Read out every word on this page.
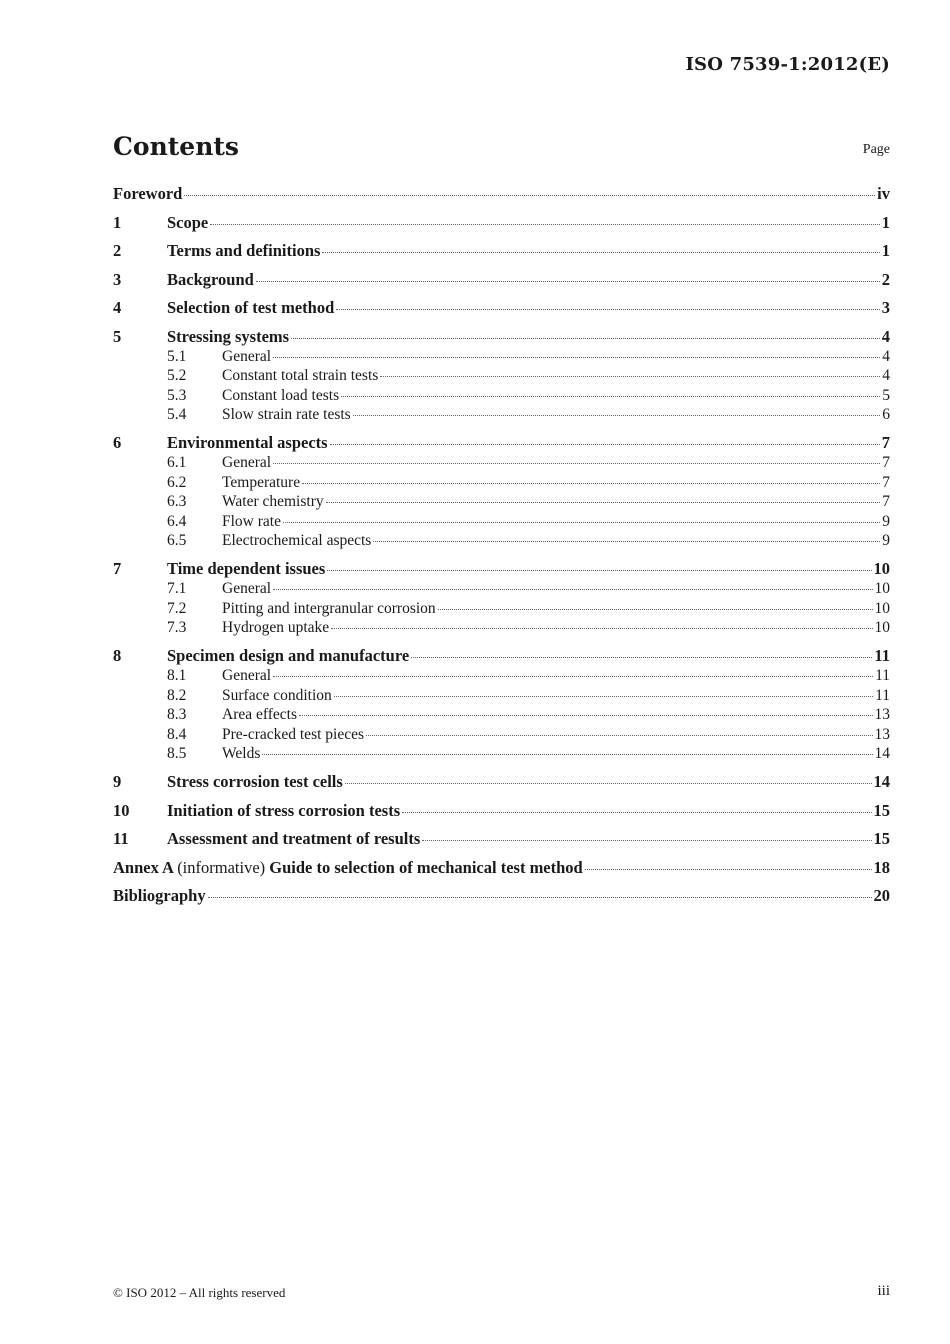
ISO 7539-1:2012(E)
Contents	Page
Foreword	iv
1	Scope	1
2	Terms and definitions	1
3	Background	2
4	Selection of test method	3
5	Stressing systems	4
5.1	General	4
5.2	Constant total strain tests	4
5.3	Constant load tests	5
5.4	Slow strain rate tests	6
6	Environmental aspects	7
6.1	General	7
6.2	Temperature	7
6.3	Water chemistry	7
6.4	Flow rate	9
6.5	Electrochemical aspects	9
7	Time dependent issues	10
7.1	General	10
7.2	Pitting and intergranular corrosion	10
7.3	Hydrogen uptake	10
8	Specimen design and manufacture	11
8.1	General	11
8.2	Surface condition	11
8.3	Area effects	13
8.4	Pre-cracked test pieces	13
8.5	Welds	14
9	Stress corrosion test cells	14
10	Initiation of stress corrosion tests	15
11	Assessment and treatment of results	15
Annex A (informative) Guide to selection of mechanical test method	18
Bibliography	20
© ISO 2012 – All rights reserved	iii
